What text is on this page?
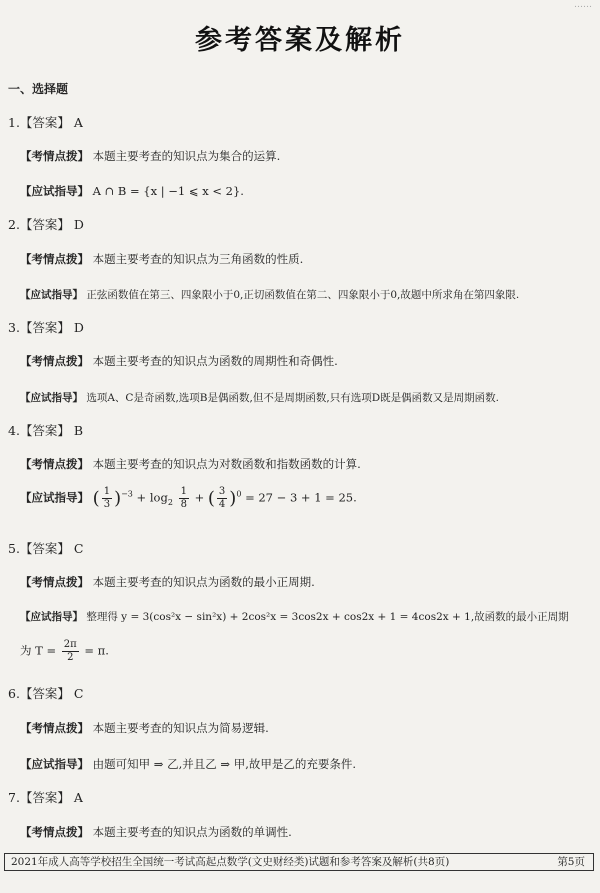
……
参考答案及解析
一、选择题
1.【答案】 A
【考情点拨】 本题主要考查的知识点为集合的运算.
【应试指导】 A ∩ B = {x | −1 ⩽ x < 2}.
2.【答案】 D
【考情点拨】 本题主要考查的知识点为三角函数的性质.
【应试指导】 正弦函数值在第三、四象限小于0,正切函数值在第二、四象限小于0,故题中所求角在第四象限.
3.【答案】 D
【考情点拨】 本题主要考查的知识点为函数的周期性和奇偶性.
【应试指导】 选项A、C是奇函数,选项B是偶函数,但不是周期函数,只有选项D既是偶函数又是周期函数.
4.【答案】 B
【考情点拨】 本题主要考查的知识点为对数函数和指数函数的计算.
【应试指导】 ( $\frac{1}{3} )^{-3} + \log_2 \frac{1}{8}$ + ( $\frac{3}{4} )^0 = 27 - 3 + 1 = 25$.
5.【答案】 C
【考情点拨】 本题主要考查的知识点为函数的最小正周期.
【应试指导】 整理得 y = 3(cos²x − sin²x) + 2cos²x = 3cos2x + cos2x + 1 = 4cos2x + 1,故函数的最小正周期
为 $T = \frac{2\pi}{2} = \pi$.
6.【答案】 C
【考情点拨】 本题主要考查的知识点为简易逻辑.
【应试指导】 由题可知甲 ⇒ 乙,并且乙 ⇒ 甲,故甲是乙的充要条件.
7.【答案】 A
【考情点拨】 本题主要考查的知识点为函数的单调性.
2021年成人高等学校招生全国统一考试高起点数学(文史财经类)试题和参考答案及解析(共8页)	第5页
